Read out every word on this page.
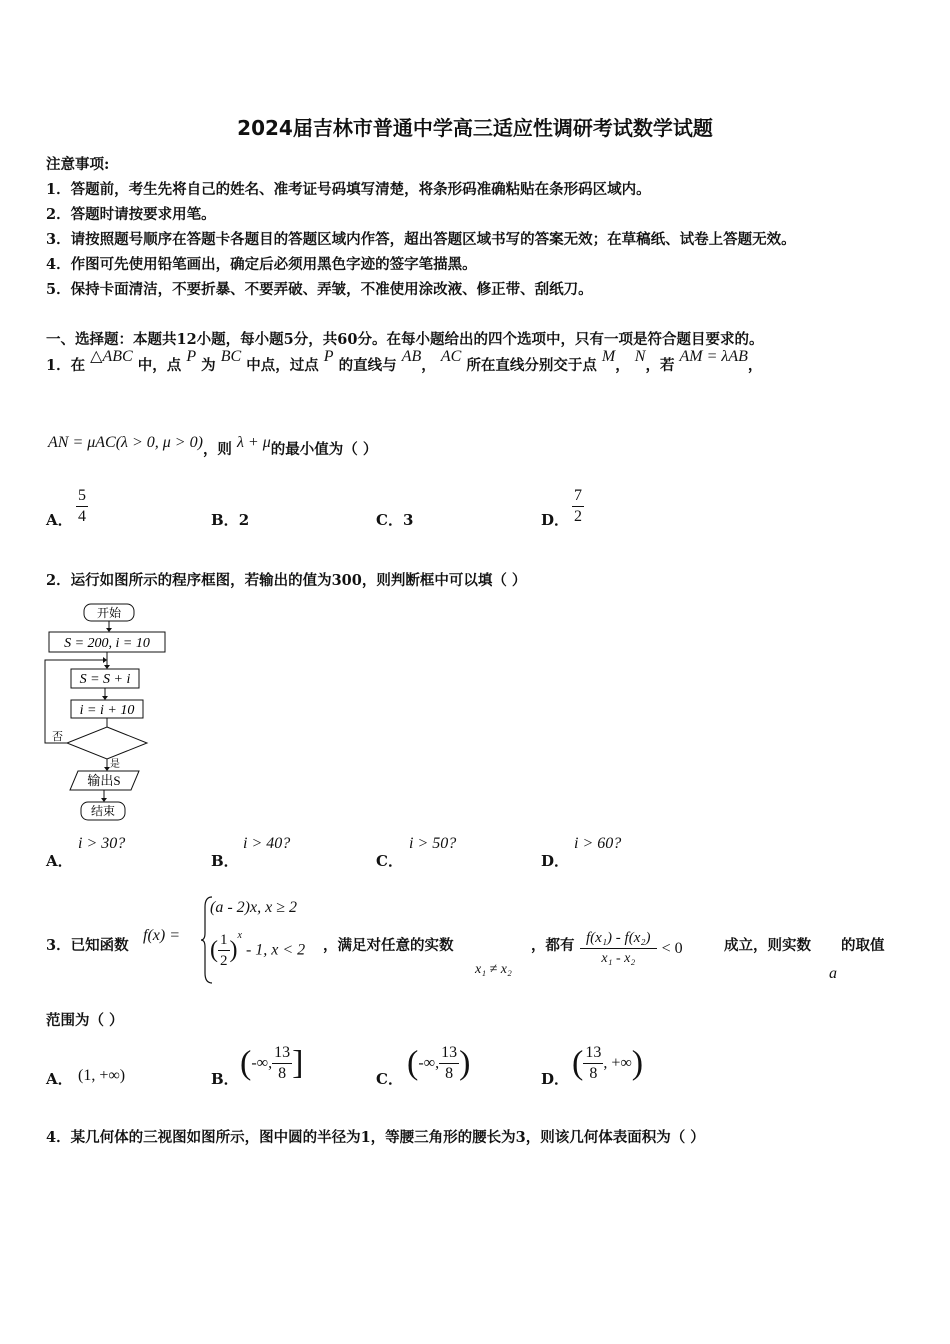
2024届吉林市普通中学高三适应性调研考试数学试题
注意事项:
1．答题前，考生先将自己的姓名、准考证号码填写清楚，将条形码准确粘贴在条形码区域内。
2．答题时请按要求用笔。
3．请按照题号顺序在答题卡各题目的答题区域内作答，超出答题区域书写的答案无效；在草稿纸、试卷上答题无效。
4．作图可先使用铅笔画出，确定后必须用黑色字迹的签字笔描黑。
5．保持卡面清洁，不要折暴、不要弄破、弄皱，不准使用涂改液、修正带、刮纸刀。
一、选择题：本题共12小题，每小题5分，共60分。在每小题给出的四个选项中，只有一项是符合题目要求的。
1．在 △ABC 中，点 P 为 BC 中点，过点 P 的直线与 AB， AC 所在直线分别交于点 M， N，若 AM = λAB，
AN = μAC(λ > 0, μ > 0)，则 λ + μ的最小值为（ ）
A． $\frac{5}{4}$	B．2	C．3	D． $\frac{7}{2}$
2．运行如图所示的程序框图，若输出的值为300，则判断框中可以填（ ）
开始
S = 200, i = 10
S = S + i
i = i + 10
否
是
输出S
结束
A．
i > 30?
B．
i > 40?
C．
i > 50?
D．
i > 60?
3．已知函数
f(x) =
(a - 2)x, x ≥ 2
( $\frac{1}{2} )^x - 1$, x < 2 ，满足对任意的实数
x₁ ≠ x₂
，都有 $\frac{\text{f(x₁) - f(x₂)}}{\text{x₁ - x₂}} < 0$	成立，则实数
a
的取值
范围为（ ）
A． (1, +∞)	B． (-∞, $\frac{13}{8}$ ]	C． (-∞, $\frac{13}{8}$ )	D． ( $\frac{13}{8}$ , +∞)
4．某几何体的三视图如图所示，图中圆的半径为1，等腰三角形的腰长为3，则该几何体表面积为（ ）
